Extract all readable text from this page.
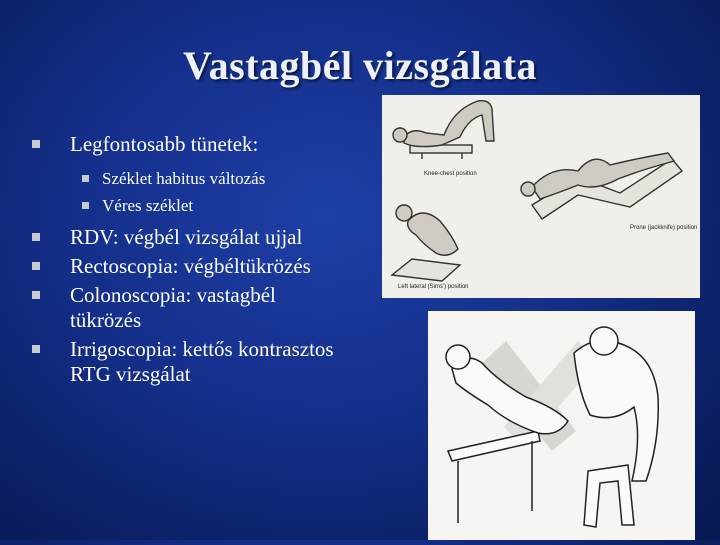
Vastagbél vizsgálata
Legfontosabb tünetek:
Széklet habitus változás
Véres széklet
RDV: végbél vizsgálat ujjal
Rectoscopia: végbéltükrözés
Colonoscopia: vastagbél tükrözés
Irrigoscopia: kettős kontrasztos RTG vizsgálat
Knee-chest position
Prone (jackknife) position
Left lateral (Sims') position
